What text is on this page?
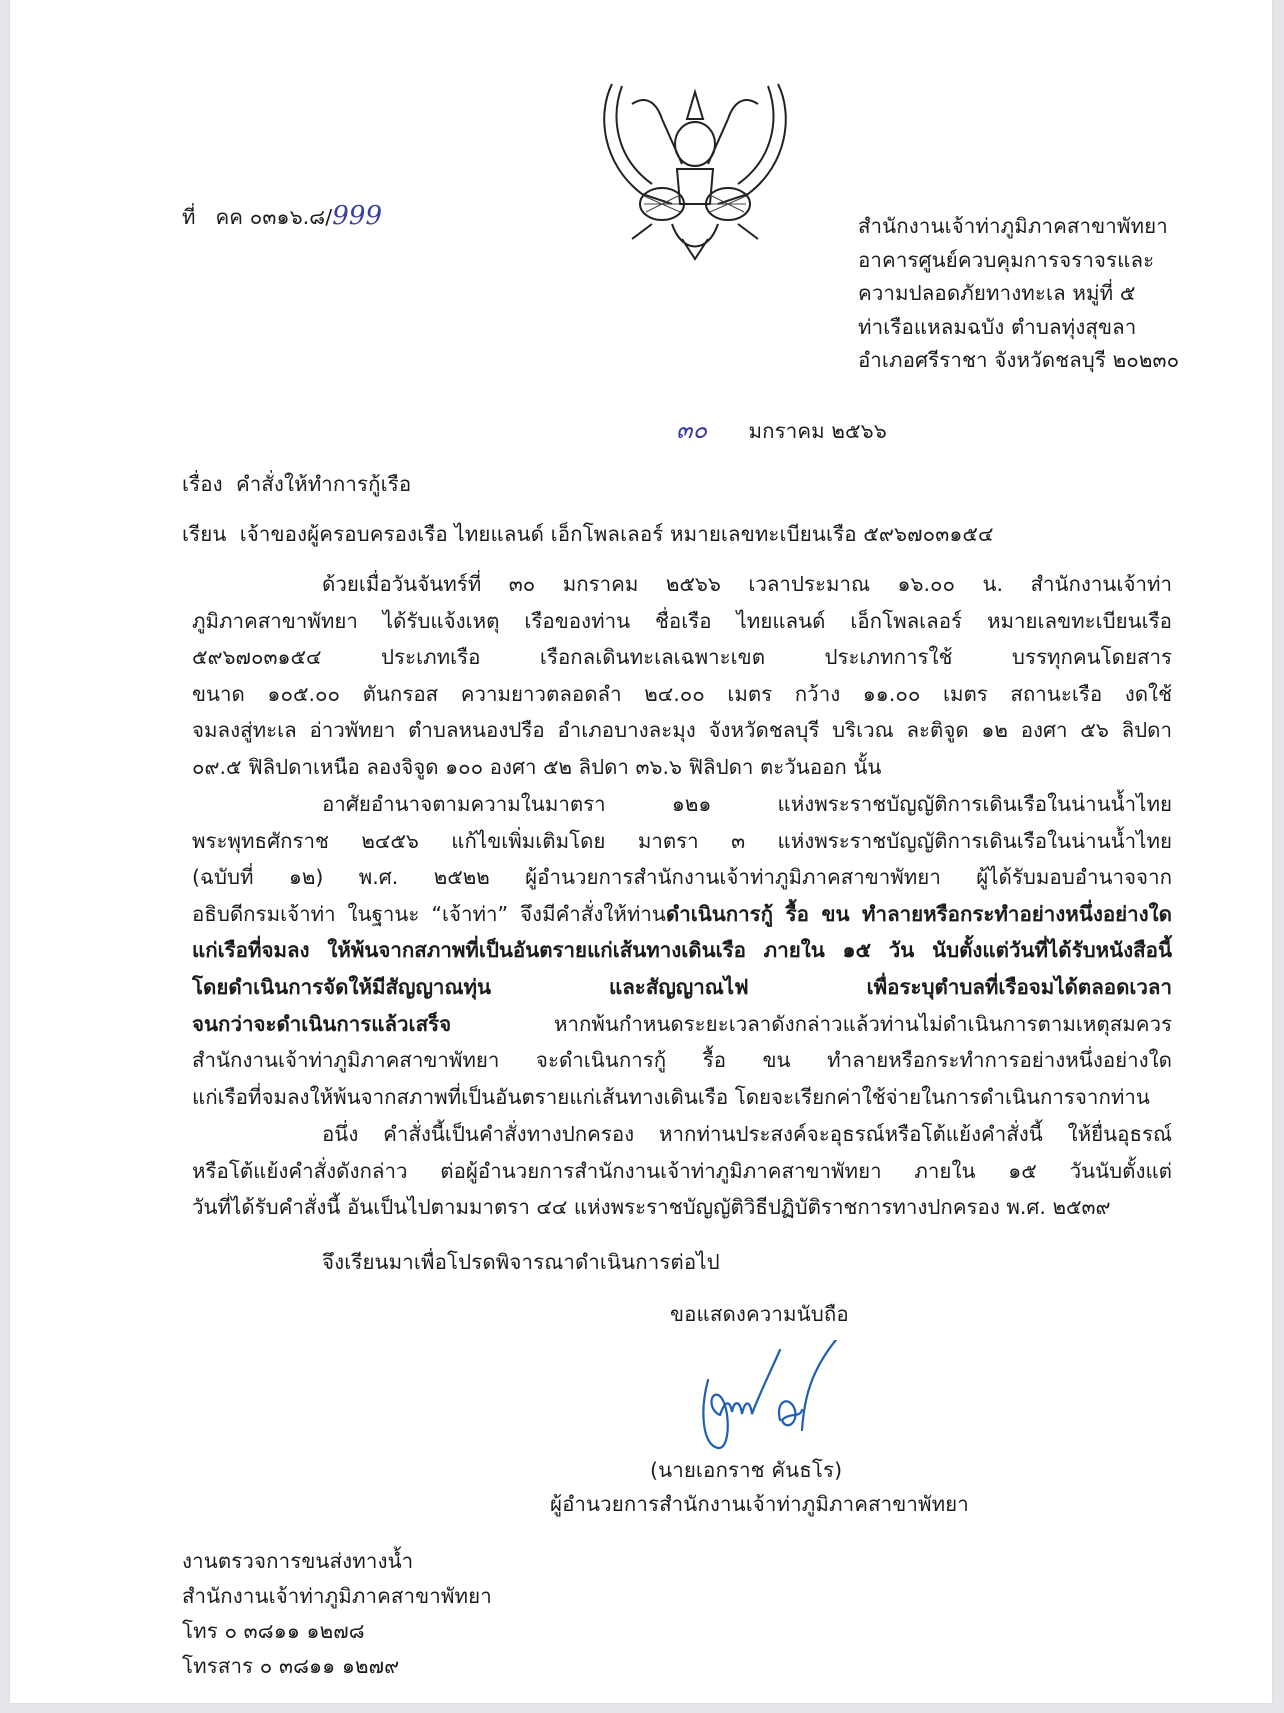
ที่ คค ๐๓๑๖.๘/999	สำนักงานเจ้าท่าภูมิภาคสาขาพัทยา
อาคารศูนย์ควบคุมการจราจรและ
ความปลอดภัยทางทะเล หมู่ที่ ๕
ท่าเรือแหลมฉบัง ตำบลทุ่งสุขลา
อำเภอศรีราชา จังหวัดชลบุรี ๒๐๒๓๐
๓๐ มกราคม ๒๕๖๖
เรื่อง คำสั่งให้ทำการกู้เรือ
เรียน เจ้าของผู้ครอบครองเรือ ไทยแลนด์ เอ็กโพลเลอร์ หมายเลขทะเบียนเรือ ๕๙๖๗๐๓๑๕๔
ด้วยเมื่อวันจันทร์ที่ ๓๐ มกราคม ๒๕๖๖ เวลาประมาณ ๑๖.๐๐ น. สำนักงานเจ้าท่า
ภูมิภาคสาขาพัทยา ได้รับแจ้งเหตุ เรือของท่าน ชื่อเรือ ไทยแลนด์ เอ็กโพลเลอร์ หมายเลขทะเบียนเรือ
๕๙๖๗๐๓๑๕๔ ประเภทเรือ เรือกลเดินทะเลเฉพาะเขต ประเภทการใช้ บรรทุกคนโดยสาร
ขนาด ๑๐๕.๐๐ ตันกรอส ความยาวตลอดลำ ๒๔.๐๐ เมตร กว้าง ๑๑.๐๐ เมตร สถานะเรือ งดใช้
จมลงสู่ทะเล อ่าวพัทยา ตำบลหนองปรือ อำเภอบางละมุง จังหวัดชลบุรี บริเวณ ละติจูด ๑๒ องศา ๕๖ ลิปดา
๐๙.๕ ฟิลิปดาเหนือ ลองจิจูด ๑๐๐ องศา ๕๒ ลิปดา ๓๖.๖ ฟิลิปดา ตะวันออก นั้น
อาศัยอำนาจตามความในมาตรา ๑๒๑ แห่งพระราชบัญญัติการเดินเรือในน่านน้ำไทย
พระพุทธศักราช ๒๔๕๖ แก้ไขเพิ่มเติมโดย มาตรา ๓ แห่งพระราชบัญญัติการเดินเรือในน่านน้ำไทย
(ฉบับที่ ๑๒) พ.ศ. ๒๕๒๒ ผู้อำนวยการสำนักงานเจ้าท่าภูมิภาคสาขาพัทยา ผู้ได้รับมอบอำนาจจาก
อธิบดีกรมเจ้าท่า ในฐานะ “เจ้าท่า” จึงมีคำสั่งให้ท่านดำเนินการกู้ รื้อ ขน ทำลายหรือกระทำอย่างหนึ่งอย่างใด
แก่เรือที่จมลง ให้พ้นจากสภาพที่เป็นอันตรายแก่เส้นทางเดินเรือ ภายใน ๑๕ วัน นับตั้งแต่วันที่ได้รับหนังสือนี้
โดยดำเนินการจัดให้มีสัญญาณทุ่น และสัญญาณไฟ เพื่อระบุตำบลที่เรือจมได้ตลอดเวลา
จนกว่าจะดำเนินการแล้วเสร็จ หากพ้นกำหนดระยะเวลาดังกล่าวแล้วท่านไม่ดำเนินการตามเหตุสมควร
สำนักงานเจ้าท่าภูมิภาคสาขาพัทยา จะดำเนินการกู้ รื้อ ขน ทำลายหรือกระทำการอย่างหนึ่งอย่างใด
แก่เรือที่จมลงให้พ้นจากสภาพที่เป็นอันตรายแก่เส้นทางเดินเรือ โดยจะเรียกค่าใช้จ่ายในการดำเนินการจากท่าน
อนึ่ง คำสั่งนี้เป็นคำสั่งทางปกครอง หากท่านประสงค์จะอุธรณ์หรือโต้แย้งคำสั่งนี้ ให้ยื่นอุธรณ์
หรือโต้แย้งคำสั่งดังกล่าว ต่อผู้อำนวยการสำนักงานเจ้าท่าภูมิภาคสาขาพัทยา ภายใน ๑๕ วันนับตั้งแต่
วันที่ได้รับคำสั่งนี้ อันเป็นไปตามมาตรา ๔๔ แห่งพระราชบัญญัติวิธีปฏิบัติราชการทางปกครอง พ.ศ. ๒๕๓๙
จึงเรียนมาเพื่อโปรดพิจารณาดำเนินการต่อไป
ขอแสดงความนับถือ
(นายเอกราช คันธโร)
ผู้อำนวยการสำนักงานเจ้าท่าภูมิภาคสาขาพัทยา
งานตรวจการขนส่งทางน้ำ
สำนักงานเจ้าท่าภูมิภาคสาขาพัทยา
โทร ๐ ๓๘๑๑ ๑๒๗๘
โทรสาร ๐ ๓๘๑๑ ๑๒๗๙
